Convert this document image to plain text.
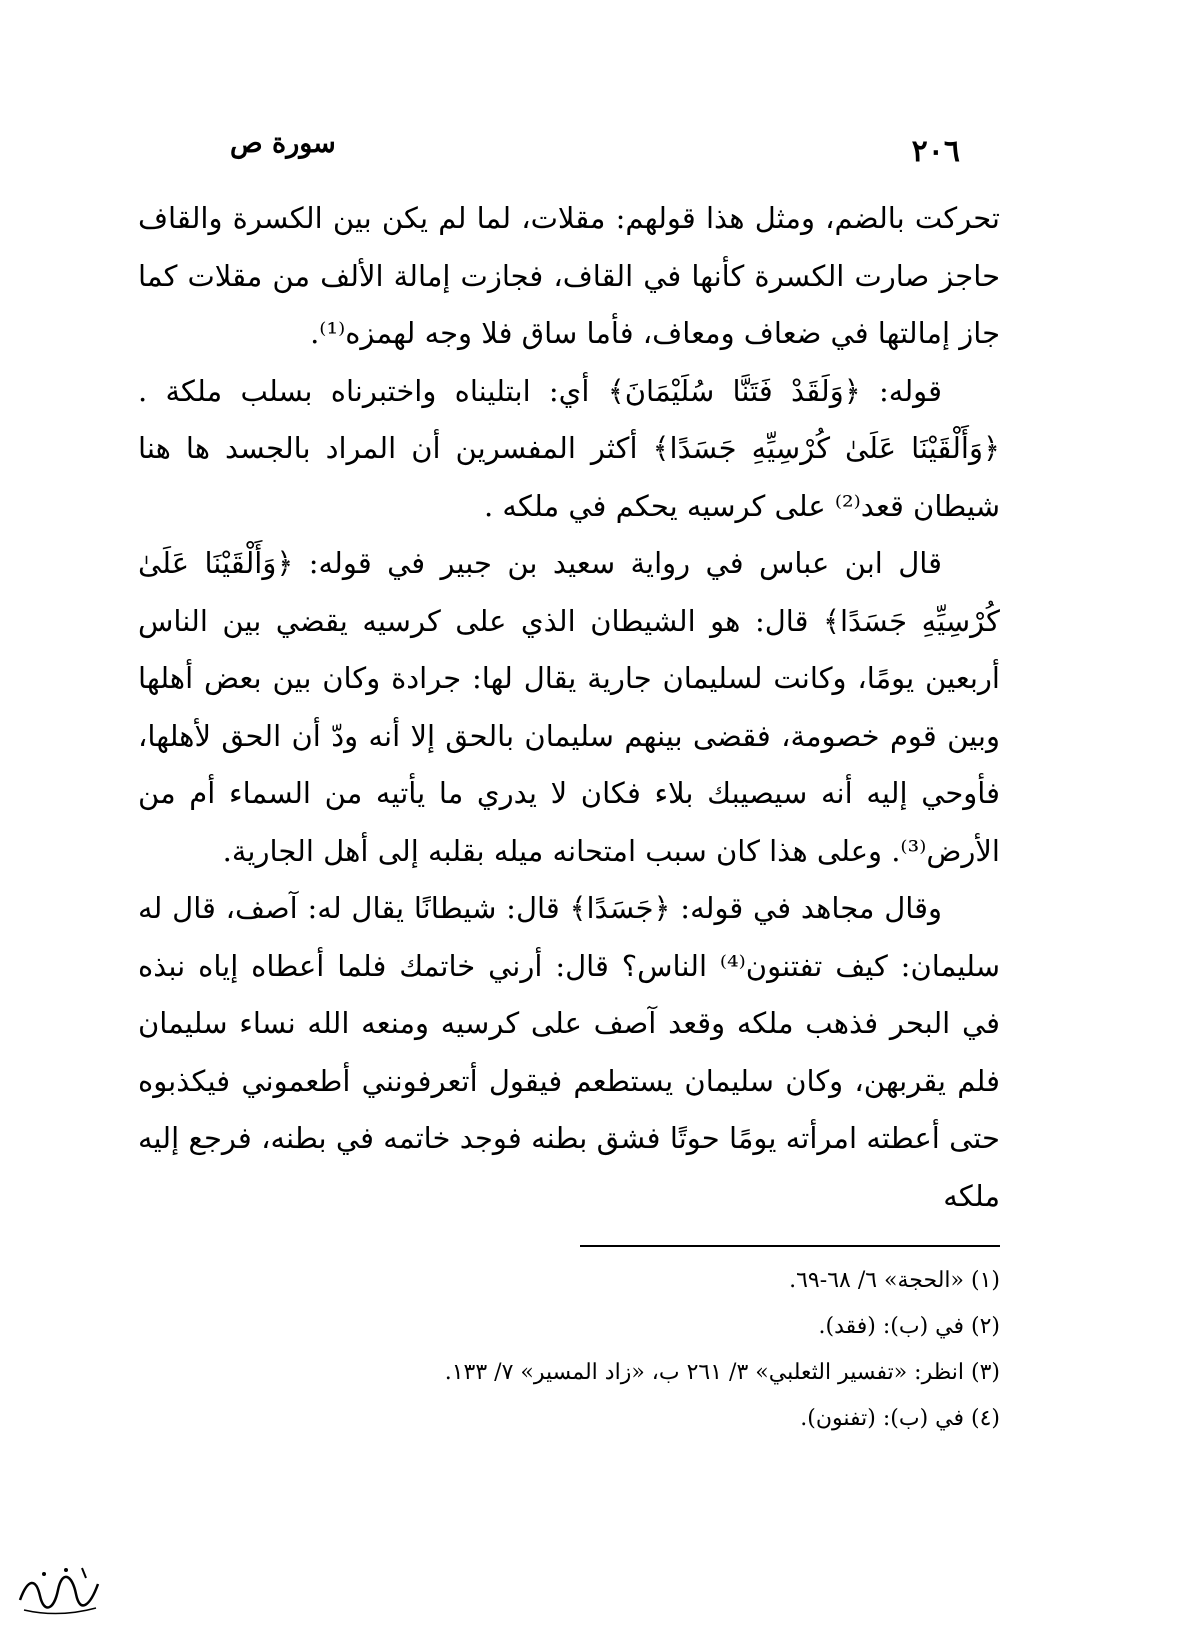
٢٠٦
سورة ص

تحركت بالضم، ومثل هذا قولهم: مقلات، لما لم يكن بين الكسرة والقاف حاجز صارت الكسرة كأنها في القاف، فجازت إمالة الألف من مقلات كما جاز إمالتها في ضعاف ومعاف، فأما ساق فلا وجه لهمزه⁽¹⁾.

قوله: ﴿وَلَقَدْ فَتَنَّا سُلَيْمَانَ﴾ أي: ابتليناه واختبرناه بسلب ملكة .﴿وَأَلْقَيْنَا عَلَىٰ كُرْسِيِّهِ جَسَدًا﴾ أكثر المفسرين أن المراد بالجسد ها هنا شيطان قعد⁽²⁾ على كرسيه يحكم في ملكه .

قال ابن عباس في رواية سعيد بن جبير في قوله: ﴿وَأَلْقَيْنَا عَلَىٰ كُرْسِيِّهِ جَسَدًا﴾ قال: هو الشيطان الذي على كرسيه يقضي بين الناس أربعين يومًا، وكانت لسليمان جارية يقال لها: جرادة وكان بين بعض أهلها وبين قوم خصومة، فقضى بينهم سليمان بالحق إلا أنه ودّ أن الحق لأهلها، فأوحي إليه أنه سيصيبك بلاء فكان لا يدري ما يأتيه من السماء أم من الأرض⁽³⁾. وعلى هذا كان سبب امتحانه ميله بقلبه إلى أهل الجارية.

وقال مجاهد في قوله: ﴿جَسَدًا﴾ قال: شيطانًا يقال له: آصف، قال له سليمان: كيف تفتنون⁽⁴⁾ الناس؟ قال: أرني خاتمك فلما أعطاه إياه نبذه في البحر فذهب ملكه وقعد آصف على كرسيه ومنعه الله نساء سليمان فلم يقربهن، وكان سليمان يستطعم فيقول أتعرفونني أطعموني فيكذبوه حتى أعطته امرأته يومًا حوتًا فشق بطنه فوجد خاتمه في بطنه، فرجع إليه ملكه

(١) «الحجة» ٦/ ٦٨-٦٩.

(٢) في (ب): (فقد).

(٣) انظر: «تفسير الثعلبي» ٣/ ٢٦١ ب، «زاد المسير» ٧/ ١٣٣.

(٤) في (ب): (تفنون).
